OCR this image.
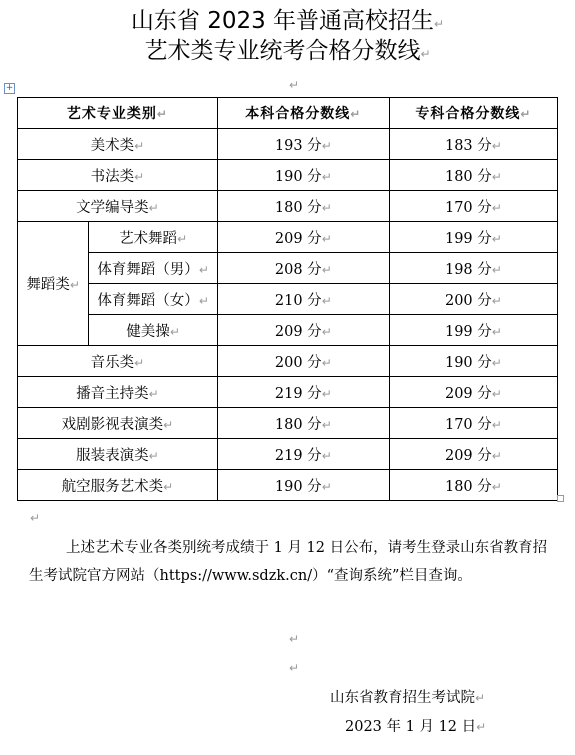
山东省 2023 年普通高校招生↵
艺术类专业统考合格分数线↵
↵
+
艺术专业类别↵		本科合格分数线↵	专科合格分数线↵
美术类↵		193 分↵	183 分↵
书法类↵		190 分↵	180 分↵
文学编导类↵		180 分↵	170 分↵
舞蹈类↵	艺术舞蹈↵	209 分↵	199 分↵
	体育舞蹈（男）↵	208 分↵	198 分↵
	体育舞蹈（女）↵	210 分↵	200 分↵
	健美操↵	209 分↵	199 分↵
音乐类↵		200 分↵	190 分↵
播音主持类↵		219 分↵	209 分↵
戏剧影视表演类↵		180 分↵	170 分↵
服装表演类↵		219 分↵	209 分↵
航空服务艺术类↵		190 分↵	180 分↵
↵
上述艺术专业各类别统考成绩于 1 月 12 日公布，请考生登录山东省教育招生考试院官方网站（https://www.sdzk.cn/）“查询系统”栏目查询。
↵
↵
山东省教育招生考试院↵
2023 年 1 月 12 日↵
